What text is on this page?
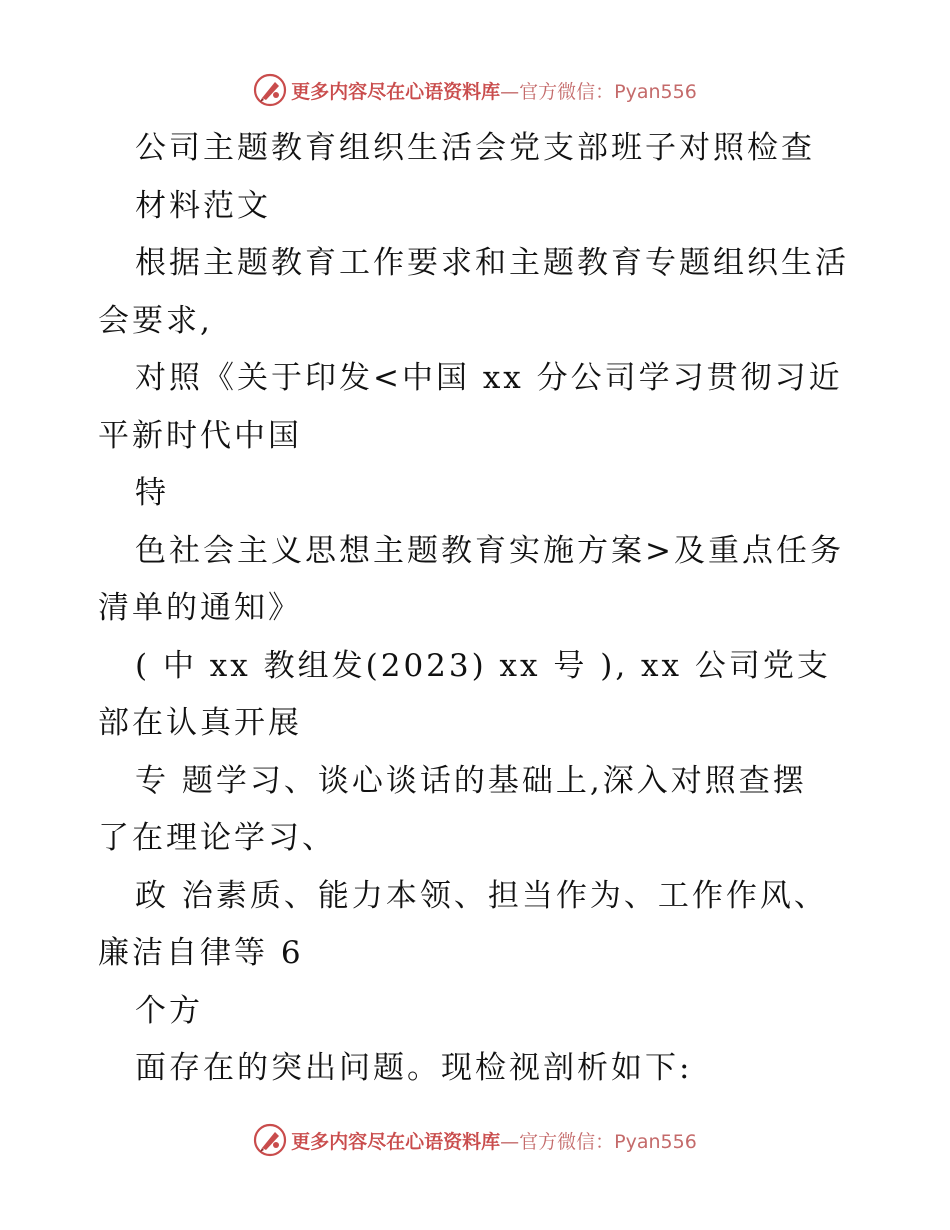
更多内容尽在心语资料库 —官方微信：Pyan556
公司主题教育组织生活会党支部班子对照检查
材料范文
根据主题教育工作要求和主题教育专题组织生活
会要求,
对照《关于印发<中国 xx 分公司学习贯彻习近
平新时代中国
特
色社会主义思想主题教育实施方案>及重点任务
清单的通知》
( 中 xx 教组发(2023) xx 号 ), xx 公司党支
部在认真开展
专 题学习、谈心谈话的基础上,深入对照查摆
了在理论学习、
政 治素质、能力本领、担当作为、工作作风、
廉洁自律等 6
个方
面存在的突出问题。现检视剖析如下:
更多内容尽在心语资料库 —官方微信：Pyan556
